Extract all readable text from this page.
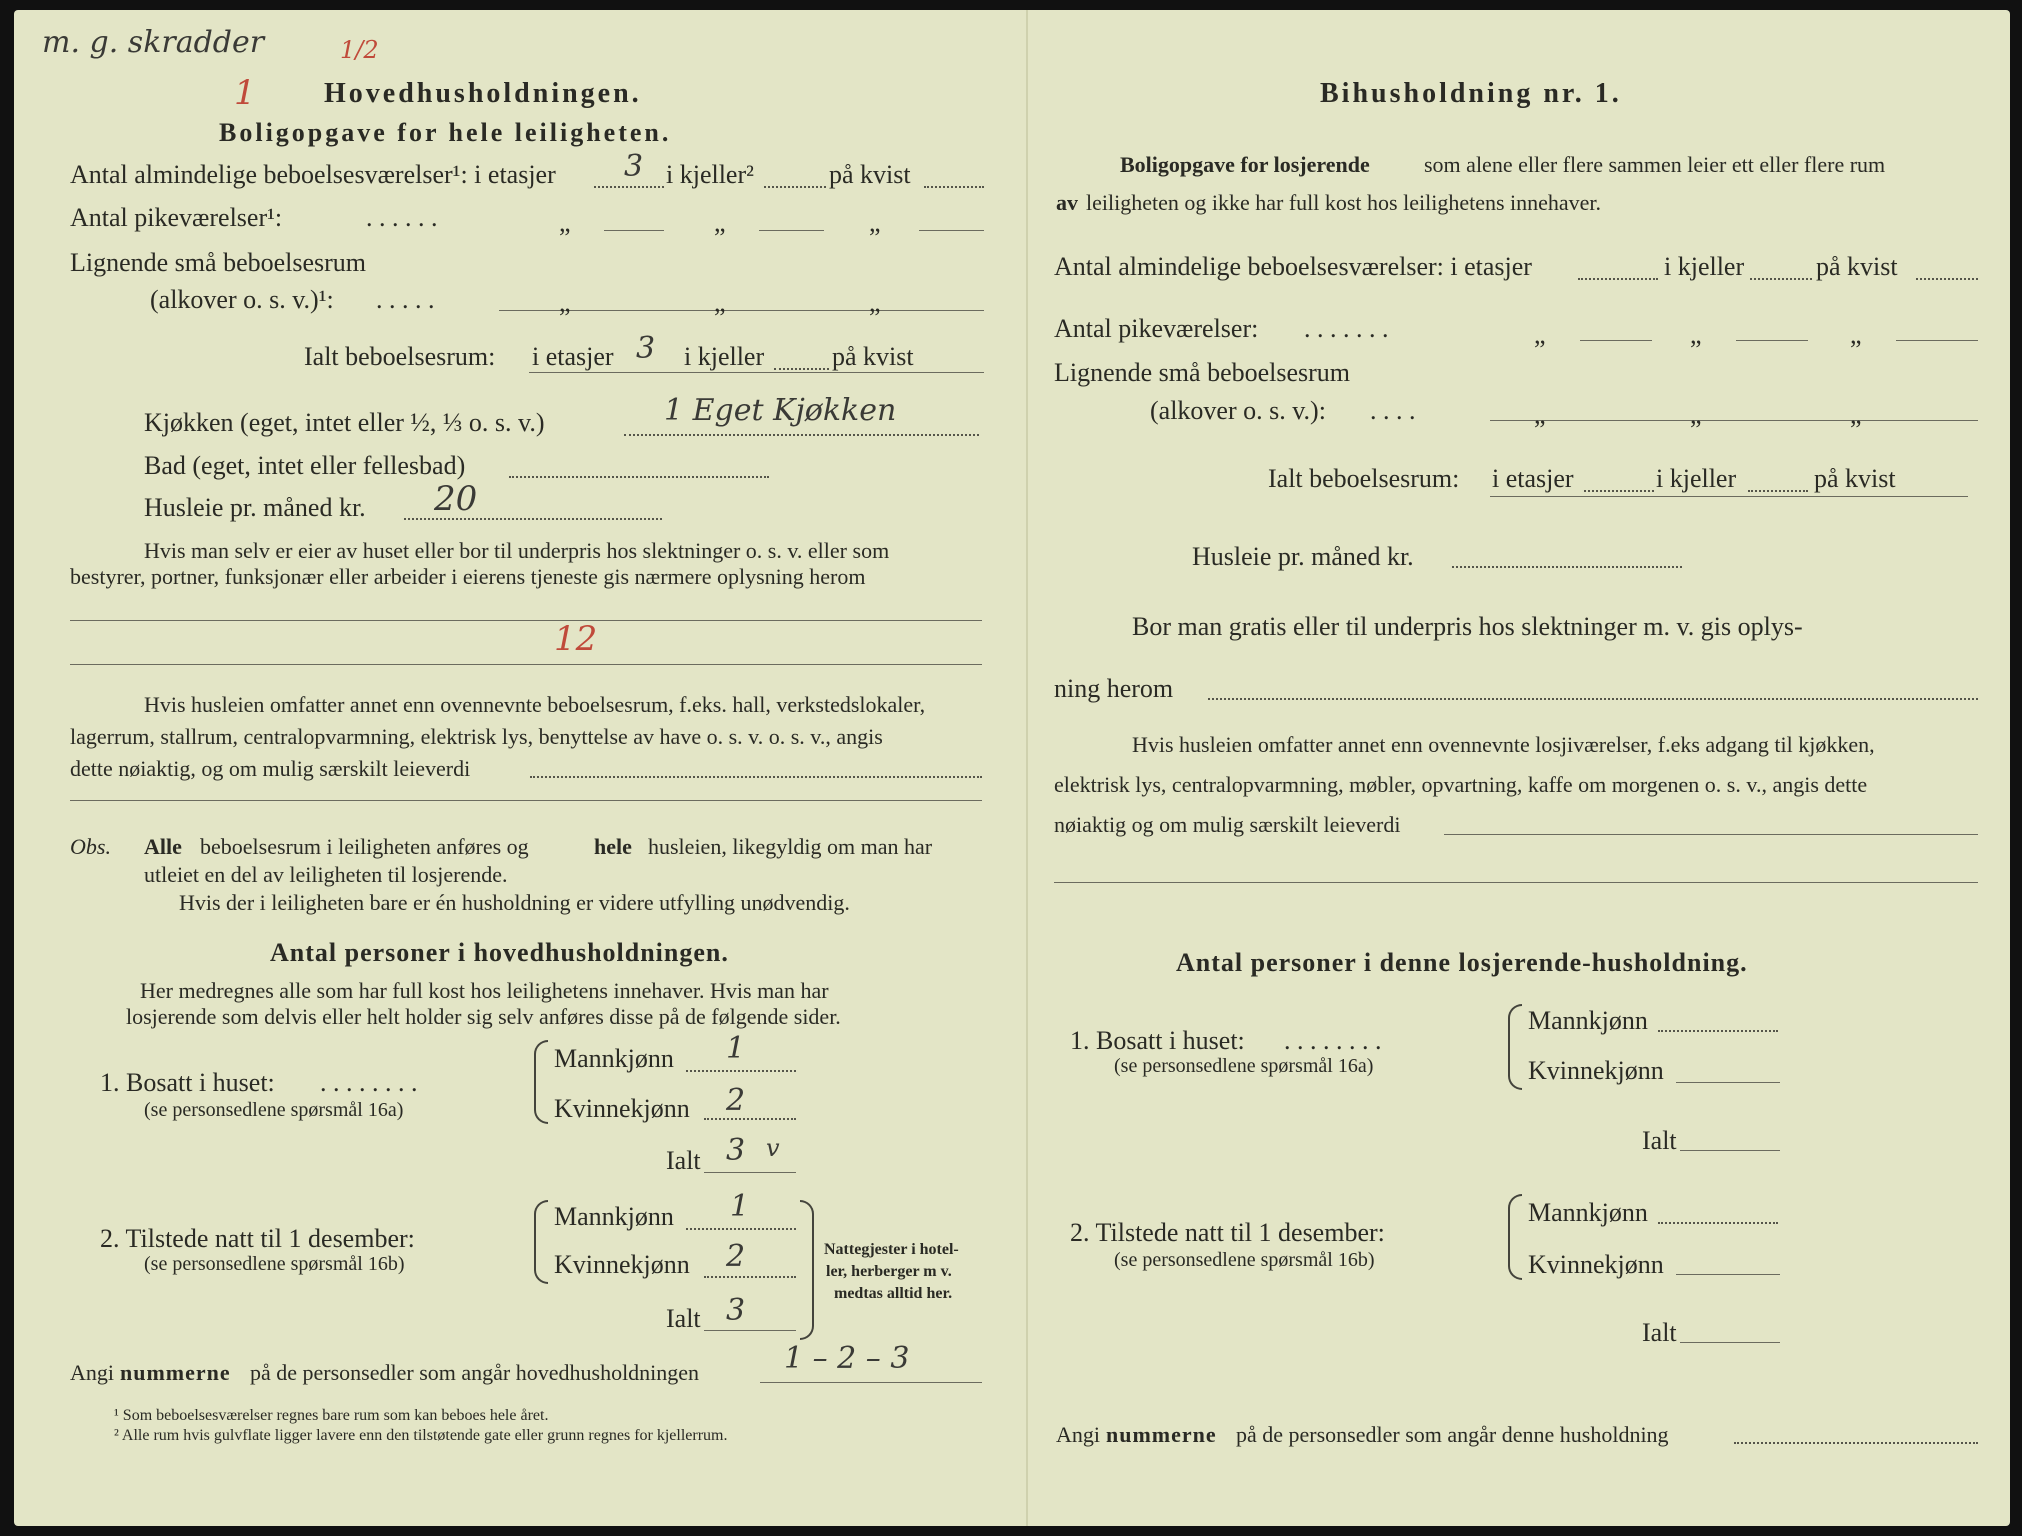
m. g. skradder	1/2
1 Hovedhusholdningen.
Boligopgave for hele leiligheten.
Antal almindelige beboelsesværelser¹: i etasjer 3 i kjeller²	på kvist
Antal pikeværelser¹:	. . . . . .	„	„	„
Lignende små beboelsesrum
(alkover o. s. v.)¹: . . . . .	„	„	„
Ialt beboelsesrum: i etasjer 3 i kjeller	på kvist
Kjøkken (eget, intet eller ½, ⅓ o. s. v.)	1 Eget Kjøkken
Bad (eget, intet eller fellesbad)
Husleie pr. måned kr. 20
Hvis man selv er eier av huset eller bor til underpris hos slektninger o. s. v. eller som
bestyrer, portner, funksjonær eller arbeider i eierens tjeneste gis nærmere oplysning herom
12
Hvis husleien omfatter annet enn ovennevnte beboelsesrum, f.eks. hall, verkstedslokaler,
lagerrum, stallrum, centralopvarmning, elektrisk lys, benyttelse av have o. s. v. o. s. v., angis
dette nøiaktig, og om mulig særskilt leieverdi
Obs. Alle beboelsesrum i leiligheten anføres og	hele husleien, likegyldig om man har
utleiet en del av leiligheten til losjerende.
Hvis der i leiligheten bare er én husholdning er videre utfylling unødvendig.
Antal personer i hovedhusholdningen.
Her medregnes alle som har full kost hos leilighetens innehaver. Hvis man har
losjerende som delvis eller helt holder sig selv anføres disse på de følgende sider.
1. Bosatt i huset: . . . . . . . .
(se personsedlene spørsmål 16a)
Mannkjønn 1
Kvinnekjønn 2
Ialt 3 v
2. Tilstede natt til 1 desember:
(se personsedlene spørsmål 16b)
Mannkjønn 1
Kvinnekjønn 2
Ialt 3
Nattegjester i hotel-
ler, herberger m v.
medtas alltid her.
Angi nummerne på de personsedler som angår hovedhusholdningen	1 – 2 – 3
¹ Som beboelsesværelser regnes bare rum som kan beboes hele året.
² Alle rum hvis gulvflate ligger lavere enn den tilstøtende gate eller grunn regnes for kjellerrum.
Bihusholdning nr. 1.
Boligopgave for losjerende som alene eller flere sammen leier ett eller flere rum
av leiligheten og ikke har full kost hos leilighetens innehaver.
Antal almindelige beboelsesværelser: i etasjer	i kjeller	på kvist
Antal pikeværelser: . . . . . . .	„	„	„
Lignende små beboelsesrum
(alkover o. s. v.): . . . .	„	„	„
Ialt beboelsesrum: i etasjer	i kjeller	på kvist
Husleie pr. måned kr.
Bor man gratis eller til underpris hos slektninger m. v. gis oplys-
ning herom
Hvis husleien omfatter annet enn ovennevnte losjiværelser, f.eks adgang til kjøkken,
elektrisk lys, centralopvarmning, møbler, opvartning, kaffe om morgenen o. s. v., angis dette
nøiaktig og om mulig særskilt leieverdi
Antal personer i denne losjerende-husholdning.
1. Bosatt i huset: . . . . . . . .
(se personsedlene spørsmål 16a)
Mannkjønn
Kvinnekjønn
Ialt
2. Tilstede natt til 1 desember:
(se personsedlene spørsmål 16b)
Mannkjønn
Kvinnekjønn
Ialt
Angi nummerne på de personsedler som angår denne husholdning
